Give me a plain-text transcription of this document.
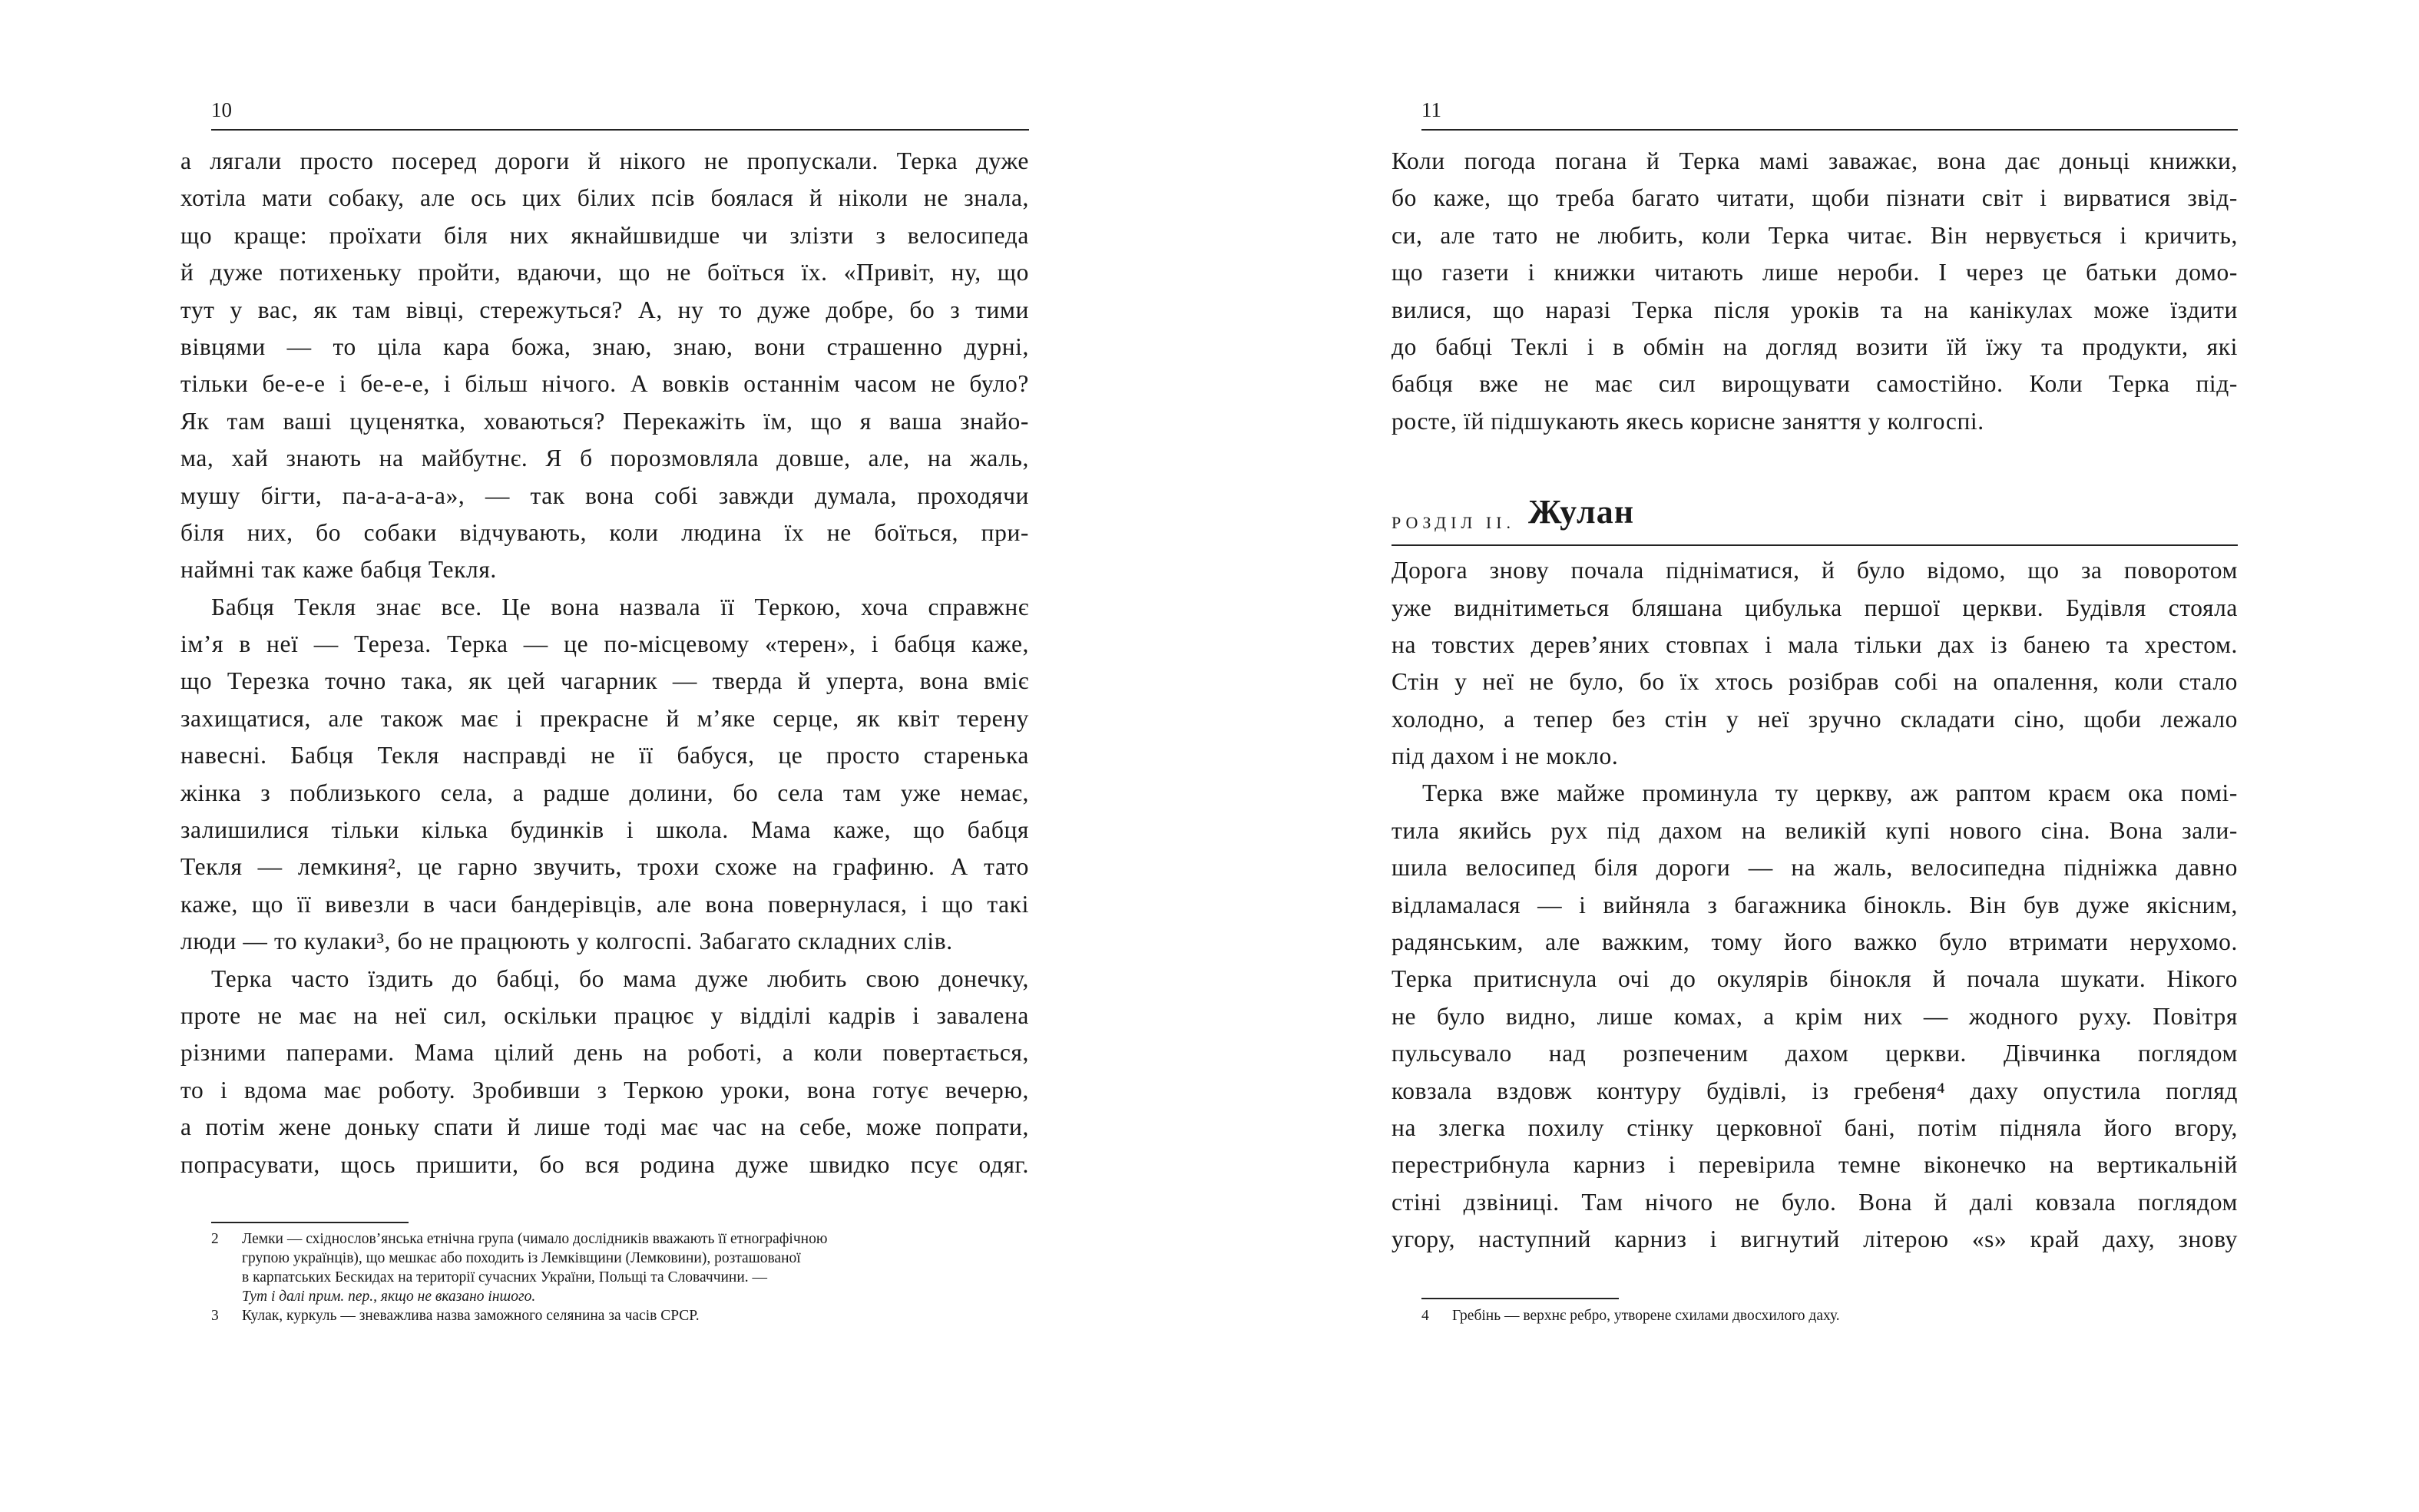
10
а лягали просто посеред дороги й нікого не пропускали. Терка дуже
хотіла мати собаку, але ось цих білих псів боялася й ніколи не знала,
що краще: проїхати біля них якнайшвидше чи злізти з велосипеда
й дуже потихеньку пройти, вдаючи, що не боїться їх. «Привіт, ну, що
тут у вас, як там вівці, стережуться? А, ну то дуже добре, бо з тими
вівцями — то ціла кара божа, знаю, знаю, вони страшенно дурні,
тільки бе-е-е і бе-е-е, і більш нічого. А вовків останнім часом не було?
Як там ваші цуценятка, ховаються? Перекажіть їм, що я ваша знайо-
ма, хай знають на майбутнє. Я б порозмовляла довше, але, на жаль,
мушу бігти, па-а-а-а-а», — так вона собі завжди думала, проходячи
біля них, бо собаки відчувають, коли людина їх не боїться, при-
наймні так каже бабця Текля.
Бабця Текля знає все. Це вона назвала її Теркою, хоча справжнє
ім’я в неї — Тереза. Терка — це по-місцевому «терен», і бабця каже,
що Терезка точно така, як цей чагарник — тверда й уперта, вона вміє
захищатися, але також має і прекрасне й м’яке серце, як квіт терену
навесні. Бабця Текля насправді не її бабуся, це просто старенька
жінка з поблизького села, а радше долини, бо села там уже немає,
залишилися тільки кілька будинків і школа. Мама каже, що бабця
Текля — лемкиня², це гарно звучить, трохи схоже на графиню. А тато
каже, що її вивезли в часи бандерівців, але вона повернулася, і що такі
люди — то кулаки³, бо не працюють у колгоспі. Забагато складних слів.
Терка часто їздить до бабці, бо мама дуже любить свою донечку,
проте не має на неї сил, оскільки працює у відділі кадрів і завалена
різними паперами. Мама цілий день на роботі, а коли повертається,
то і вдома має роботу. Зробивши з Теркою уроки, вона готує вечерю,
а потім жене доньку спати й лише тоді має час на себе, може попрати,
попрасувати, щось пришити, бо вся родина дуже швидко псує одяг.
2 Лемки — східнослов’янська етнічна група (чимало дослідників вважають її етнографічною
групою українців), що мешкає або походить із Лемківщини (Лемковини), розташованої
в карпатських Бескидах на території сучасних України, Польщі та Словаччини. —
Тут і далі прим. пер., якщо не вказано іншого.
3 Кулак, куркуль — зневажлива назва заможного селянина за часів СРСР.
11
Коли погода погана й Терка мамі заважає, вона дає доньці книжки,
бо каже, що треба багато читати, щоби пізнати світ і вирватися звід-
си, але тато не любить, коли Терка читає. Він нервується і кричить,
що газети і книжки читають лише нероби. І через це батьки домо-
вилися, що наразі Терка після уроків та на канікулах може їздити
до бабці Теклі і в обмін на догляд возити їй їжу та продукти, які
бабця вже не має сил вирощувати самостійно. Коли Терка під-
росте, їй підшукають якесь корисне заняття у колгоспі.
РОЗДІЛ II. Жулан
Дорога знову почала підніматися, й було відомо, що за поворотом
уже виднітиметься бляшана цибулька першої церкви. Будівля стояла
на товстих дерев’яних стовпах і мала тільки дах із банею та хрестом.
Стін у неї не було, бо їх хтось розібрав собі на опалення, коли стало
холодно, а тепер без стін у неї зручно складати сіно, щоби лежало
під дахом і не мокло.
Терка вже майже проминула ту церкву, аж раптом краєм ока помі-
тила якийсь рух під дахом на великій купі нового сіна. Вона зали-
шила велосипед біля дороги — на жаль, велосипедна підніжка давно
відламалася — і вийняла з багажника бінокль. Він був дуже якісним,
радянським, але важким, тому його важко було втримати нерухомо.
Терка притиснула очі до окулярів бінокля й почала шукати. Нікого
не було видно, лише комах, а крім них — жодного руху. Повітря
пульсувало над розпеченим дахом церкви. Дівчинка поглядом
ковзала вздовж контуру будівлі, із гребеня⁴ даху опустила погляд
на злегка похилу стінку церковної бані, потім підняла його вгору,
перестрибнула карниз і перевірила темне віконечко на вертикальній
стіні дзвіниці. Там нічого не було. Вона й далі ковзала поглядом
угору, наступний карниз і вигнутий літерою «s» край даху, знову
4 Гребінь — верхнє ребро, утворене схилами двосхилого даху.
